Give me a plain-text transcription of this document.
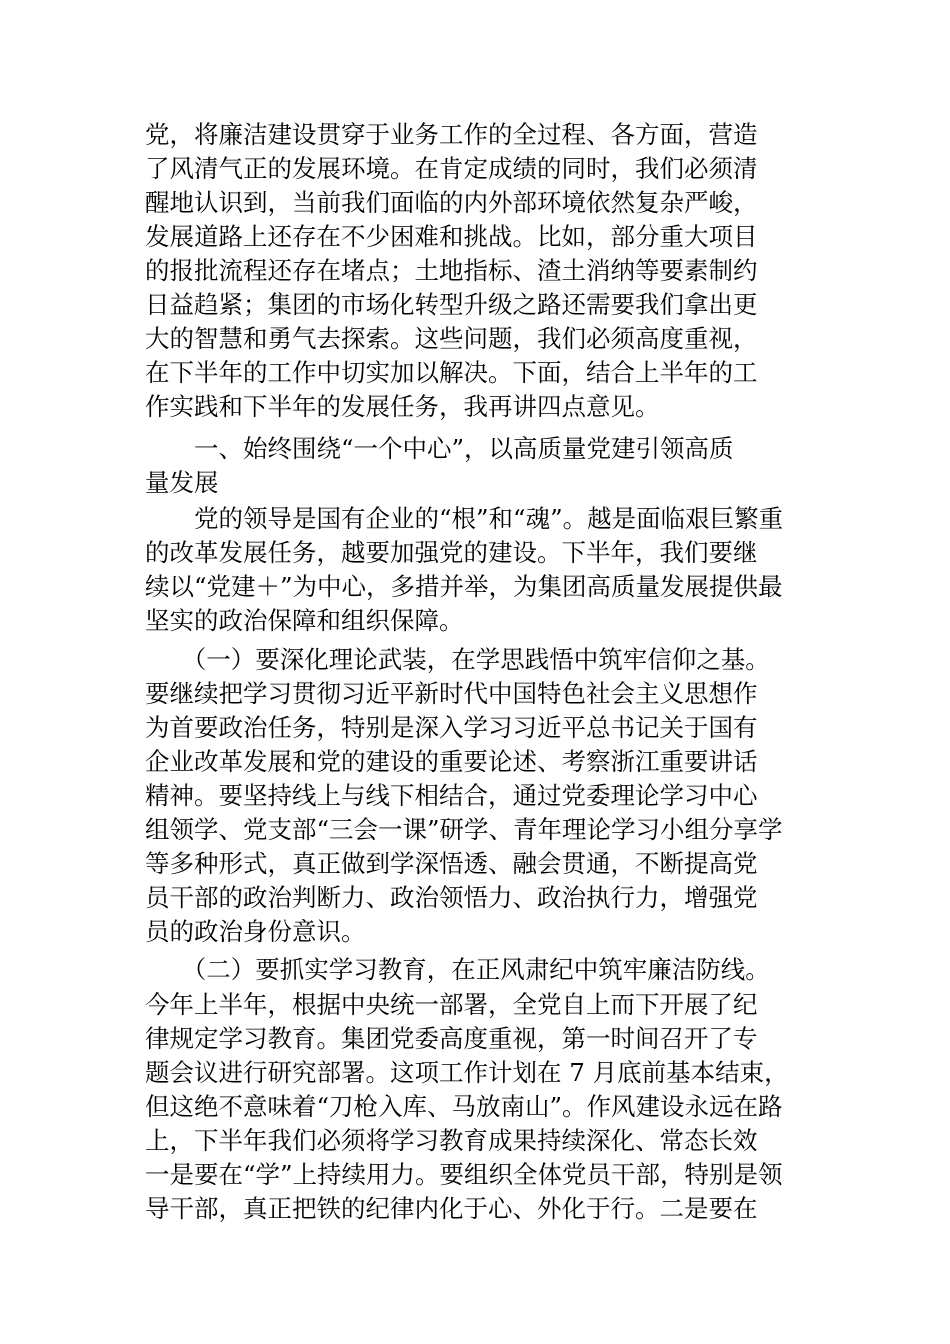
党，将廉洁建设贯穿于业务工作的全过程、各方面，营造
了风清气正的发展环境。在肯定成绩的同时，我们必须清
醒地认识到，当前我们面临的内外部环境依然复杂严峻，
发展道路上还存在不少困难和挑战。比如，部分重大项目
的报批流程还存在堵点；土地指标、渣土消纳等要素制约
日益趋紧；集团的市场化转型升级之路还需要我们拿出更
大的智慧和勇气去探索。这些问题，我们必须高度重视，
在下半年的工作中切实加以解决。下面，结合上半年的工
作实践和下半年的发展任务，我再讲四点意见。
　　一、始终围绕“一个中心”，以高质量党建引领高质
量发展
　　党的领导是国有企业的“根”和“魂”。越是面临艰巨繁重
的改革发展任务，越要加强党的建设。下半年，我们要继
续以“党建＋”为中心，多措并举，为集团高质量发展提供最
坚实的政治保障和组织保障。
　　（一）要深化理论武装，在学思践悟中筑牢信仰之基。
要继续把学习贯彻习近平新时代中国特色社会主义思想作
为首要政治任务，特别是深入学习习近平总书记关于国有
企业改革发展和党的建设的重要论述、考察浙江重要讲话
精神。要坚持线上与线下相结合，通过党委理论学习中心
组领学、党支部“三会一课”研学、青年理论学习小组分享学
等多种形式，真正做到学深悟透、融会贯通，不断提高党
员干部的政治判断力、政治领悟力、政治执行力，增强党
员的政治身份意识。
　　（二）要抓实学习教育，在正风肃纪中筑牢廉洁防线。
今年上半年，根据中央统一部署，全党自上而下开展了纪
律规定学习教育。集团党委高度重视，第一时间召开了专
题会议进行研究部署。这项工作计划在 7 月底前基本结束，
但这绝不意味着“刀枪入库、马放南山”。作风建设永远在路
上，下半年我们必须将学习教育成果持续深化、常态长效
一是要在“学”上持续用力。要组织全体党员干部，特别是领
导干部，真正把铁的纪律内化于心、外化于行。二是要在
